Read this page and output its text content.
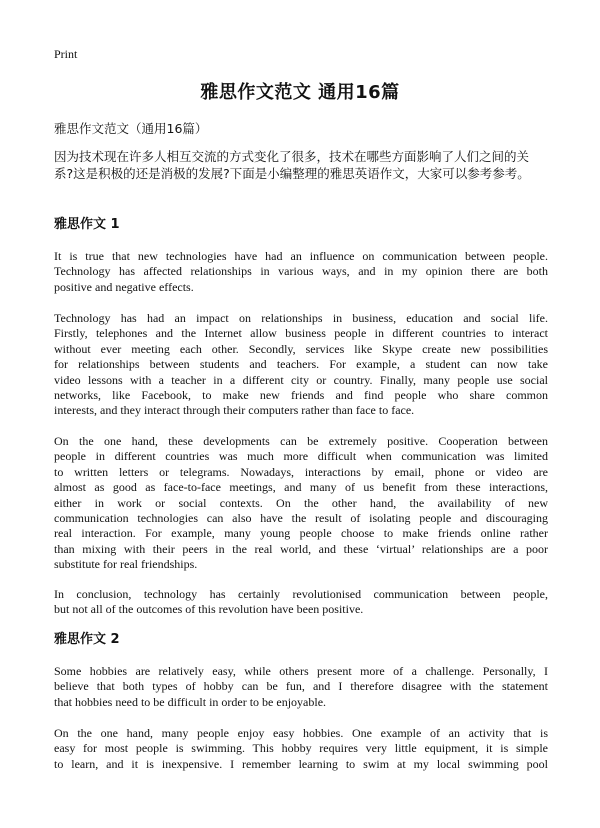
Print
雅思作文范文 通用16篇
雅思作文范文（通用16篇）

因为技术现在许多人相互交流的方式变化了很多，技术在哪些方面影响了人们之间的关系?这是积极的还是消极的发展?下面是小编整理的雅思英语作文，大家可以参考参考。

雅思作文 1

It is true that new technologies have had an influence on communication between people.
Technology has affected relationships in various ways, and in my opinion there are both
positive and negative effects.

Technology has had an impact on relationships in business, education and social life.
Firstly, telephones and the Internet allow business people in different countries to interact
without ever meeting each other. Secondly, services like Skype create new possibilities
for relationships between students and teachers. For example, a student can now take
video lessons with a teacher in a different city or country. Finally, many people use social
networks, like Facebook, to make new friends and find people who share common
interests, and they interact through their computers rather than face to face.

On the one hand, these developments can be extremely positive. Cooperation between
people in different countries was much more difficult when communication was limited
to written letters or telegrams. Nowadays, interactions by email, phone or video are
almost as good as face-to-face meetings, and many of us benefit from these interactions,
either in work or social contexts. On the other hand, the availability of new
communication technologies can also have the result of isolating people and discouraging
real interaction. For example, many young people choose to make friends online rather
than mixing with their peers in the real world, and these ‘virtual’ relationships are a poor
substitute for real friendships.

In conclusion, technology has certainly revolutionised communication between people,
but not all of the outcomes of this revolution have been positive.

雅思作文 2

Some hobbies are relatively easy, while others present more of a challenge. Personally, I
believe that both types of hobby can be fun, and I therefore disagree with the statement
that hobbies need to be difficult in order to be enjoyable.

On the one hand, many people enjoy easy hobbies. One example of an activity that is
easy for most people is swimming. This hobby requires very little equipment, it is simple
to learn, and it is inexpensive. I remember learning to swim at my local swimming pool
